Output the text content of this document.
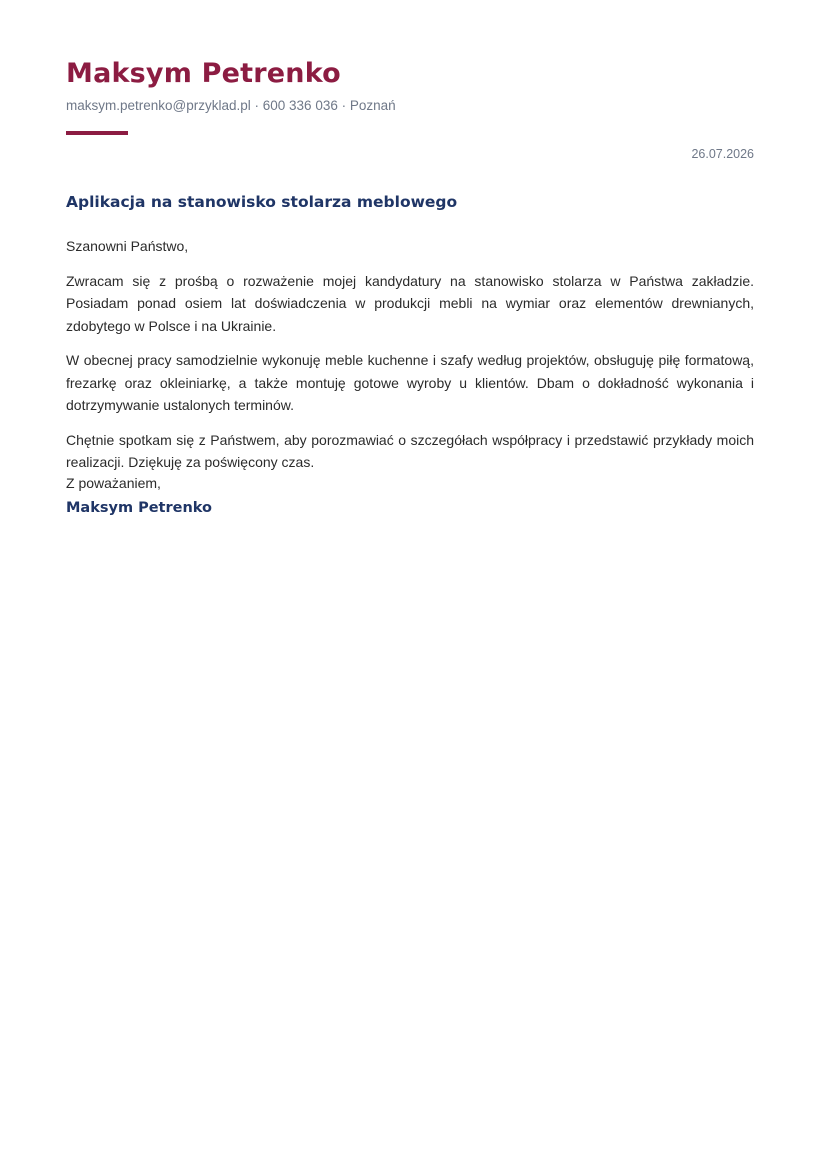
Maksym Petrenko
maksym.petrenko@przyklad.pl · 600 336 036 · Poznań
26.07.2026
Aplikacja na stanowisko stolarza meblowego

Szanowni Państwo,

Zwracam się z prośbą o rozważenie mojej kandydatury na stanowisko stolarza w Państwa zakładzie. Posiadam ponad osiem lat doświadczenia w produkcji mebli na wymiar oraz elementów drewnianych, zdobytego w Polsce i na Ukrainie.

W obecnej pracy samodzielnie wykonuję meble kuchenne i szafy według projektów, obsługuję piłę formatową, frezarkę oraz okleiniarkę, a także montuję gotowe wyroby u klientów. Dbam o dokładność wykonania i dotrzymywanie ustalonych terminów.

Chętnie spotkam się z Państwem, aby porozmawiać o szczegółach współpracy i przedstawić przykłady moich realizacji. Dziękuję za poświęcony czas.

Z poważaniem,
Maksym Petrenko
